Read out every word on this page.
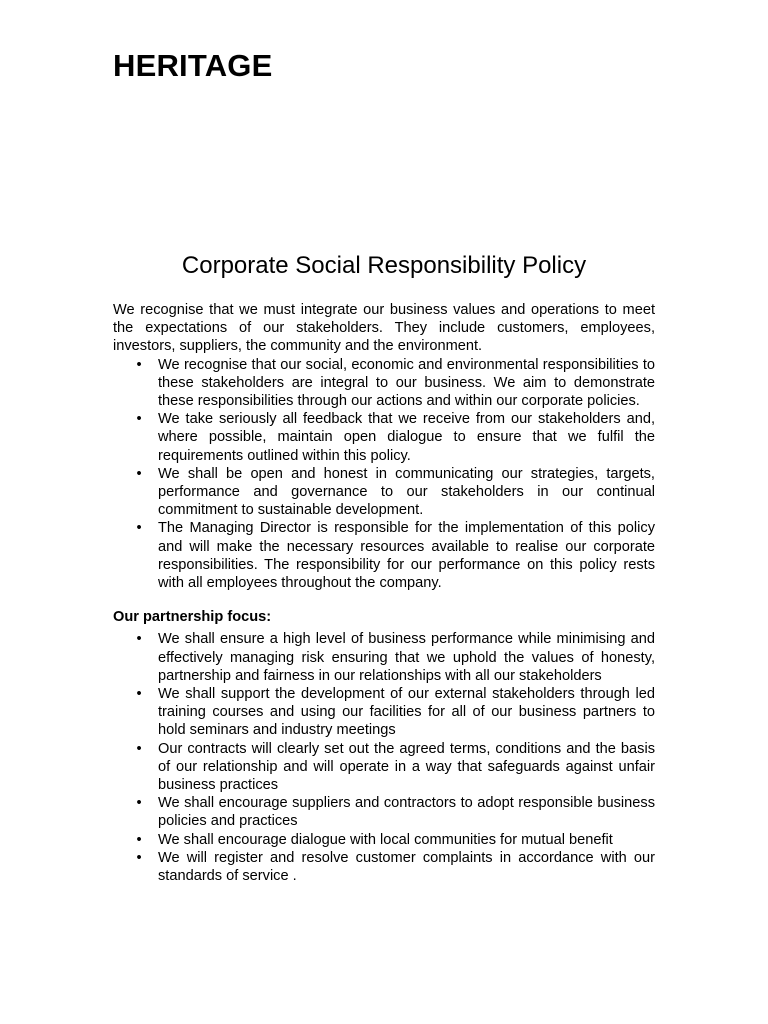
HERITAGE
Corporate Social Responsibility Policy

We recognise that we must integrate our business values and operations to meet the expectations of our stakeholders. They include customers, employees, investors, suppliers, the community and the environment.

• We recognise that our social, economic and environmental responsibilities to these stakeholders are integral to our business. We aim to demonstrate these responsibilities through our actions and within our corporate policies.
• We take seriously all feedback that we receive from our stakeholders and, where possible, maintain open dialogue to ensure that we fulfil the requirements outlined within this policy.
• We shall be open and honest in communicating our strategies, targets, performance and governance to our stakeholders in our continual commitment to sustainable development.
• The Managing Director is responsible for the implementation of this policy and will make the necessary resources available to realise our corporate responsibilities. The responsibility for our performance on this policy rests with all employees throughout the company.

Our partnership focus:

• We shall ensure a high level of business performance while minimising and effectively managing risk ensuring that we uphold the values of honesty, partnership and fairness in our relationships with all our stakeholders
• We shall support the development of our external stakeholders through led training courses and using our facilities for all of our business partners to hold seminars and industry meetings
• Our contracts will clearly set out the agreed terms, conditions and the basis of our relationship and will operate in a way that safeguards against unfair business practices
• We shall encourage suppliers and contractors to adopt responsible business policies and practices
• We shall encourage dialogue with local communities for mutual benefit
• We will register and resolve customer complaints in accordance with our standards of service .
